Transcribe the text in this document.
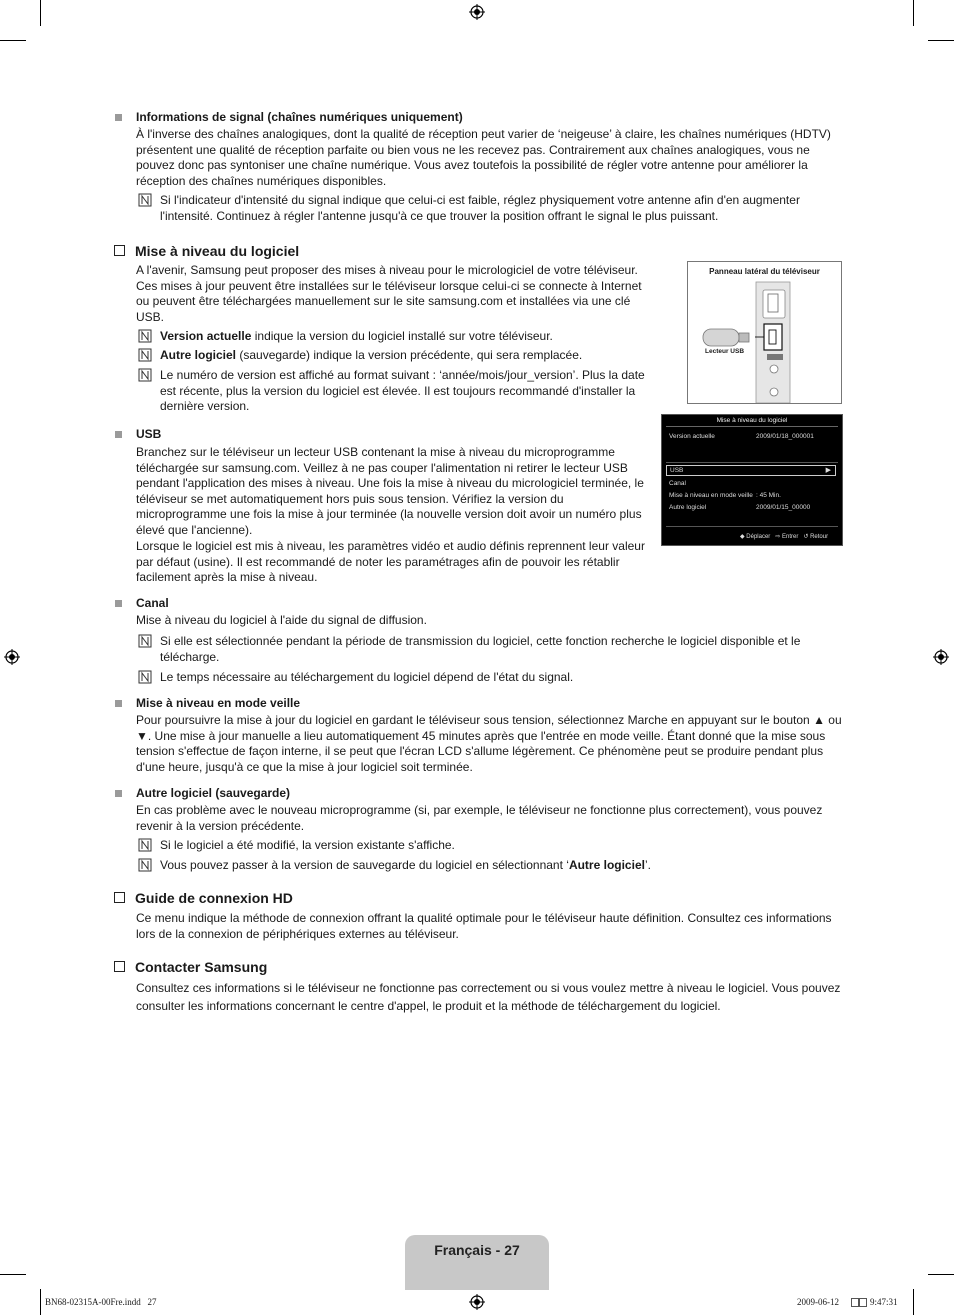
Informations de signal (chaînes numériques uniquement)
À l'inverse des chaînes analogiques, dont la qualité de réception peut varier de ‘neigeuse’ à claire, les chaînes numériques (HDTV) présentent une qualité de réception parfaite ou bien vous ne les recevez pas. Contrairement aux chaînes analogiques, vous ne pouvez donc pas syntoniser une chaîne numérique. Vous avez toutefois la possibilité de régler votre antenne pour améliorer la réception des chaînes numériques disponibles.
Si l'indicateur d'intensité du signal indique que celui-ci est faible, réglez physiquement votre antenne afin d'en augmenter l'intensité. Continuez à régler l'antenne jusqu'à ce que trouver la position offrant le signal le plus puissant.
Mise à niveau du logiciel
A l'avenir, Samsung peut proposer des mises à niveau pour le micrologiciel de votre téléviseur. Ces mises à jour peuvent être installées sur le téléviseur lorsque celui-ci se connecte à Internet ou peuvent être téléchargées manuellement sur le site samsung.com et installées via une clé USB.
Version actuelle indique la version du logiciel installé sur votre téléviseur.
Autre logiciel (sauvegarde) indique la version précédente, qui sera remplacée.
Le numéro de version est affiché au format suivant : ‘année/mois/jour_version’. Plus la date est récente, plus la version du logiciel est élevée. Il est toujours recommandé d'installer la dernière version.
Panneau latéral du téléviseur
Lecteur USB
Mise à niveau du logiciel
Version actuelle	2009/01/18_000001
USB	▶
Canal
Mise à niveau en mode veille : 45 Min.
Autre logiciel	2009/01/15_00000
◆ Déplacer ⇨ Entrer ↺ Retour
USB
Branchez sur le téléviseur un lecteur USB contenant la mise à niveau du microprogramme téléchargée sur samsung.com. Veillez à ne pas couper l'alimentation ni retirer le lecteur USB pendant l'application des mises à niveau. Une fois la mise à niveau du micrologiciel terminée, le téléviseur se met automatiquement hors puis sous tension. Vérifiez la version du microprogramme une fois la mise à jour terminée (la nouvelle version doit avoir un numéro plus élevé que l'ancienne).
Lorsque le logiciel est mis à niveau, les paramètres vidéo et audio définis reprennent leur valeur par défaut (usine). Il est recommandé de noter les paramétrages afin de pouvoir les rétablir facilement après la mise à niveau.
Canal
Mise à niveau du logiciel à l'aide du signal de diffusion.
Si elle est sélectionnée pendant la période de transmission du logiciel, cette fonction recherche le logiciel disponible et le télécharge.
Le temps nécessaire au téléchargement du logiciel dépend de l'état du signal.
Mise à niveau en mode veille
Pour poursuivre la mise à jour du logiciel en gardant le téléviseur sous tension, sélectionnez Marche en appuyant sur le bouton ▲ ou ▼. Une mise à jour manuelle a lieu automatiquement 45 minutes après que l'entrée en mode veille. Étant donné que la mise sous tension s'effectue de façon interne, il se peut que l'écran LCD s'allume légèrement. Ce phénomène peut se produire pendant plus d'une heure, jusqu'à ce que la mise à jour logiciel soit terminée.
Autre logiciel (sauvegarde)
En cas problème avec le nouveau microprogramme (si, par exemple, le téléviseur ne fonctionne plus correctement), vous pouvez revenir à la version précédente.
Si le logiciel a été modifié, la version existante s'affiche.
Vous pouvez passer à la version de sauvegarde du logiciel en sélectionnant ‘Autre logiciel’.
Guide de connexion HD
Ce menu indique la méthode de connexion offrant la qualité optimale pour le téléviseur haute définition. Consultez ces informations lors de la connexion de périphériques externes au téléviseur.
Contacter Samsung
Consultez ces informations si le téléviseur ne fonctionne pas correctement ou si vous voulez mettre à niveau le logiciel. Vous pouvez consulter les informations concernant le centre d'appel, le produit et la méthode de téléchargement du logiciel.
Français - 27
BN68-02315A-00Fre.indd   27	2009-06-12	9:47:31
